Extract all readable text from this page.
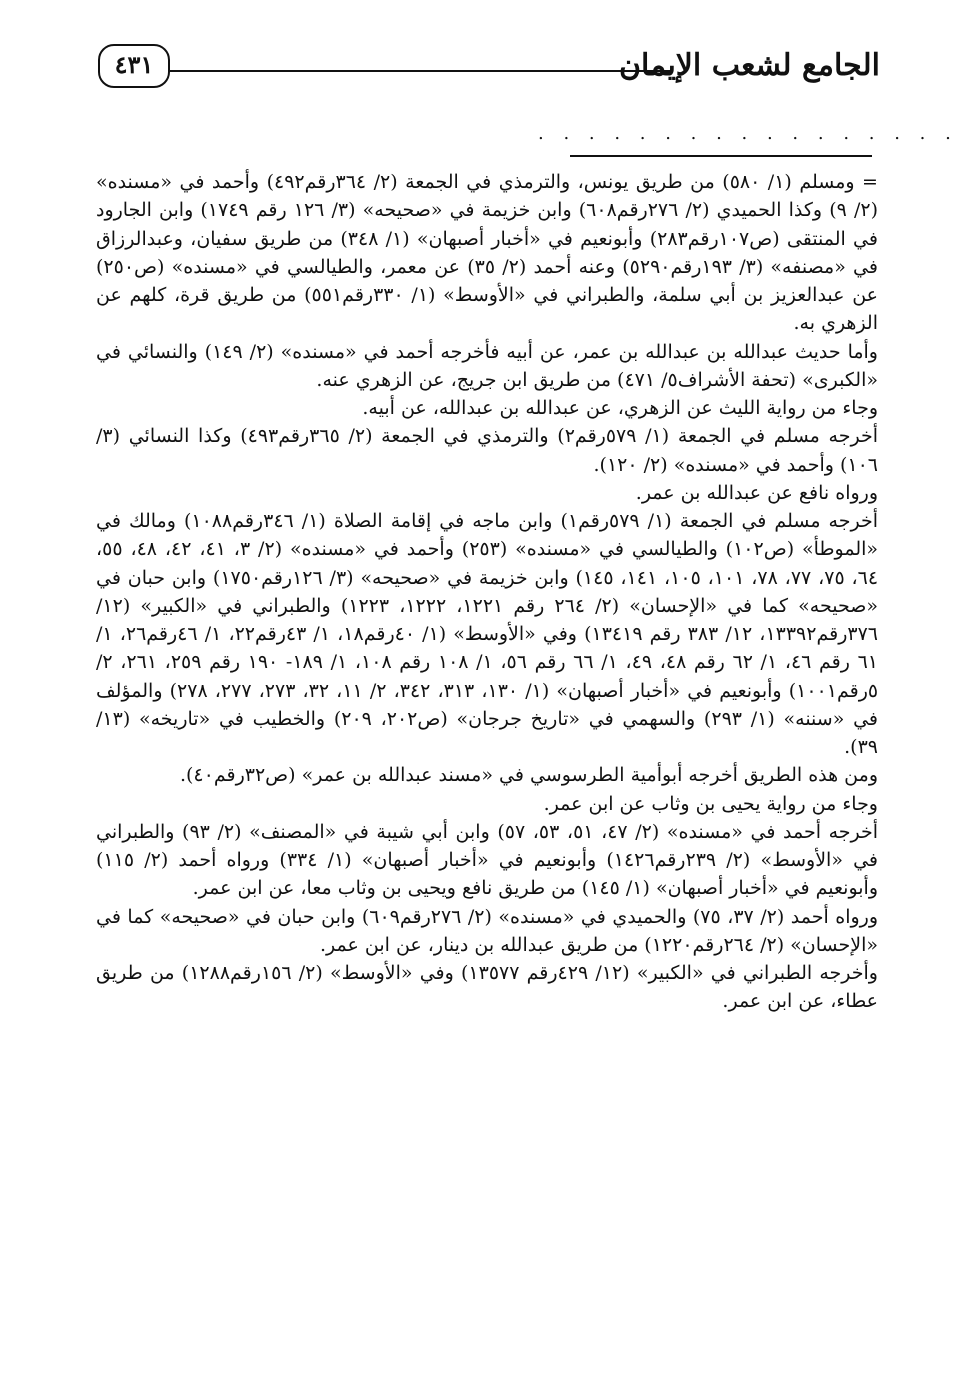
الجامع لشعب الإيمان
٤٣١
. . . . . . . . . . . . . . . . .

= ومسلم (١/ ٥٨٠) من طريق يونس، والترمذي في الجمعة (٢/ ٣٦٤رقم٤٩٢) وأحمد في «مسنده» (٢/ ٩) وكذا الحميدي (٢/ ٢٧٦رقم٦٠٨) وابن خزيمة في «صحيحه» (٣/ ١٢٦ رقم ١٧٤٩) وابن الجارود في المنتقى (ص١٠٧رقم٢٨٣) وأبونعيم في «أخبار أصبهان» (١/ ٣٤٨) من طريق سفيان، وعبدالرزاق في «مصنفه» (٣/ ١٩٣رقم٥٢٩٠) وعنه أحمد (٢/ ٣٥) عن معمر، والطيالسي في «مسنده» (ص٢٥٠) عن عبدالعزيز بن أبي سلمة، والطبراني في «الأوسط» (١/ ٣٣٠رقم٥٥١) من طريق قرة، كلهم عن الزهري به.

وأما حديث عبدالله بن عبدالله بن عمر، عن أبيه فأخرجه أحمد في «مسنده» (٢/ ١٤٩) والنسائي في «الكبرى» (تحفة الأشراف٥/ ٤٧١) من طريق ابن جريج، عن الزهري عنه.

وجاء من رواية الليث عن الزهري، عن عبدالله بن عبدالله، عن أبيه.

أخرجه مسلم في الجمعة (١/ ٥٧٩رقم٢) والترمذي في الجمعة (٢/ ٣٦٥رقم٤٩٣) وكذا النسائي (٣/ ١٠٦) وأحمد في «مسنده» (٢/ ١٢٠).

ورواه نافع عن عبدالله بن عمر.

أخرجه مسلم في الجمعة (١/ ٥٧٩رقم١) وابن ماجه في إقامة الصلاة (١/ ٣٤٦رقم١٠٨٨) ومالك في «الموطأ» (ص١٠٢) والطيالسي في «مسنده» (٢٥٣) وأحمد في «مسنده» (٢/ ٣، ٤١، ٤٢، ٤٨، ٥٥، ٦٤، ٧٥، ٧٧، ٧٨، ١٠١، ١٠٥، ١٤١، ١٤٥) وابن خزيمة في «صحيحه» (٣/ ١٢٦رقم١٧٥٠) وابن حبان في «صحيحه» كما في «الإحسان» (٢/ ٢٦٤ رقم ١٢٢١، ١٢٢٢، ١٢٢٣) والطبراني في «الكبير» (١٢/ ٣٧٦رقم١٣٣٩٢، ١٢/ ٣٨٣ رقم ١٣٤١٩) وفي «الأوسط» (١/ ٤٠رقم١٨، ١/ ٤٣رقم٢٢، ١/ ٤٦رقم٢٦، ١/ ٦١ رقم ٤٦، ١/ ٦٢ رقم ٤٨، ٤٩، ١/ ٦٦ رقم ٥٦، ١/ ١٠٨ رقم ١٠٨، ١/ ١٨٩- ١٩٠ رقم ٢٥٩، ٢٦١، ٢/ ٥رقم١٠٠١) وأبونعيم في «أخبار أصبهان» (١/ ١٣٠، ٣١٣، ٣٤٢، ٢/ ١١، ٣٢، ٢٧٣، ٢٧٧، ٢٧٨) والمؤلف في «سننه» (١/ ٢٩٣) والسهمي في «تاريخ جرجان» (ص٢٠٢، ٢٠٩) والخطيب في «تاريخه» (١٣/ ٣٩).

ومن هذه الطريق أخرجه أبوأمية الطرسوسي في «مسند عبدالله بن عمر» (ص٣٢رقم٤٠).

وجاء من رواية يحيى بن وثاب عن ابن عمر.

أخرجه أحمد في «مسنده» (٢/ ٤٧، ٥١، ٥٣، ٥٧) وابن أبي شيبة في «المصنف» (٢/ ٩٣) والطبراني في «الأوسط» (٢/ ٢٣٩رقم١٤٢٦) وأبونعيم في «أخبار أصبهان» (١/ ٣٣٤) ورواه أحمد (٢/ ١١٥) وأبونعيم في «أخبار أصبهان» (١/ ١٤٥) من طريق نافع ويحيى بن وثاب معا، عن ابن عمر.

ورواه أحمد (٢/ ٣٧، ٧٥) والحميدي في «مسنده» (٢/ ٢٧٦رقم٦٠٩) وابن حبان في «صحيحه» كما في «الإحسان» (٢/ ٢٦٤رقم١٢٢٠) من طريق عبدالله بن دينار، عن ابن عمر.

وأخرجه الطبراني في «الكبير» (١٢/ ٤٢٩رقم ١٣٥٧٧) وفي «الأوسط» (٢/ ١٥٦رقم١٢٨٨) من طريق عطاء، عن ابن عمر.
